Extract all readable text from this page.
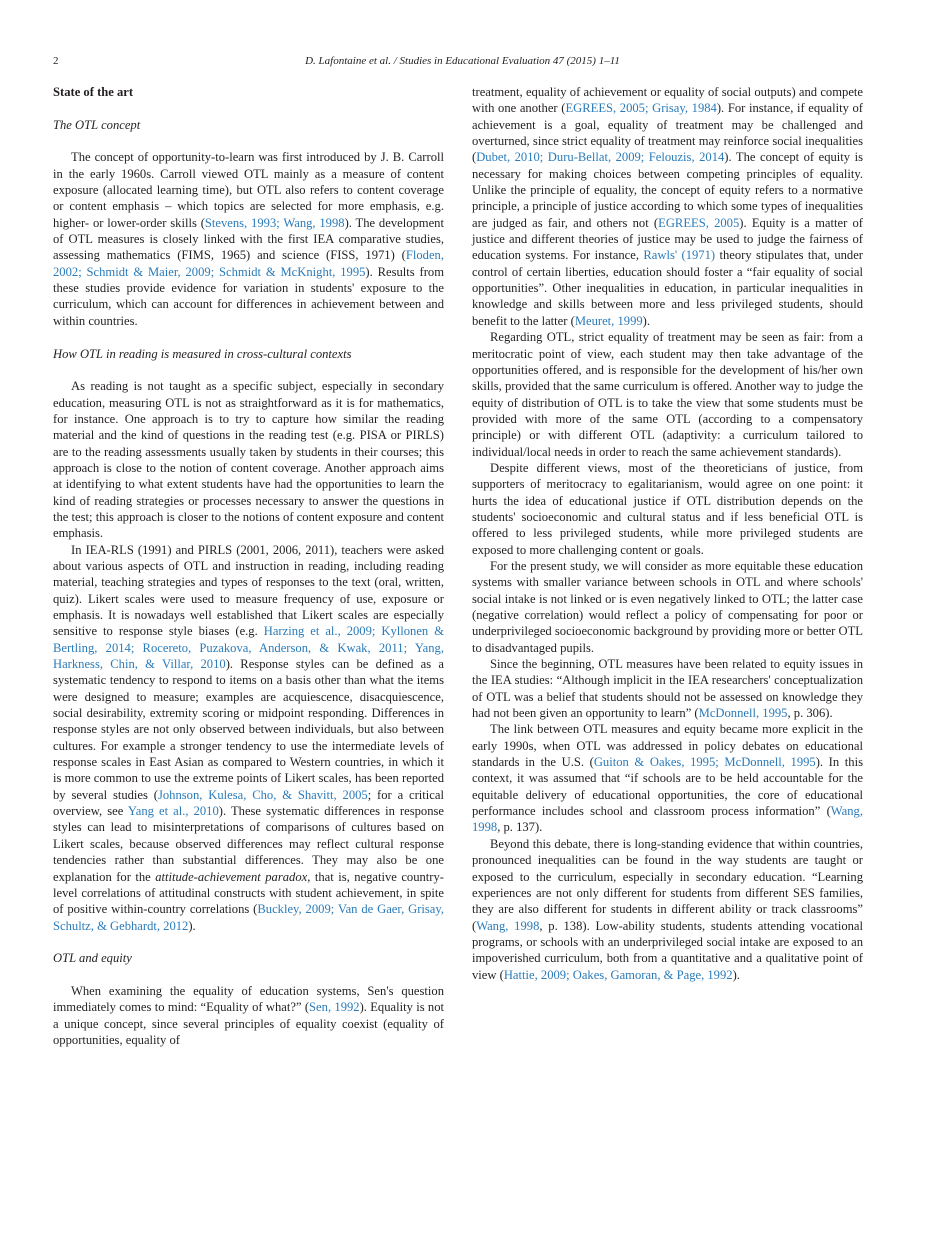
2	D. Lafontaine et al. / Studies in Educational Evaluation 47 (2015) 1–11
State of the art
The OTL concept

The concept of opportunity-to-learn was first introduced by J. B. Carroll in the early 1960s. Carroll viewed OTL mainly as a measure of content exposure (allocated learning time), but OTL also refers to content coverage or content emphasis – which topics are selected for more emphasis, e.g. higher- or lower-order skills (Stevens, 1993; Wang, 1998). The development of OTL measures is closely linked with the first IEA comparative studies, assessing mathematics (FIMS, 1965) and science (FISS, 1971) (Floden, 2002; Schmidt & Maier, 2009; Schmidt & McKnight, 1995). Results from these studies provide evidence for variation in students' exposure to the curriculum, which can account for differences in achievement between and within countries.

How OTL in reading is measured in cross-cultural contexts

As reading is not taught as a specific subject, especially in secondary education, measuring OTL is not as straightforward as it is for mathematics, for instance. One approach is to try to capture how similar the reading material and the kind of questions in the reading test (e.g. PISA or PIRLS) are to the reading assessments usually taken by students in their courses; this approach is close to the notion of content coverage. Another approach aims at identifying to what extent students have had the opportunities to learn the kind of reading strategies or processes necessary to answer the questions in the test; this approach is closer to the notions of content exposure and content emphasis.

In IEA-RLS (1991) and PIRLS (2001, 2006, 2011), teachers were asked about various aspects of OTL and instruction in reading, including reading material, teaching strategies and types of responses to the text (oral, written, quiz). Likert scales were used to measure frequency of use, exposure or emphasis. It is nowadays well established that Likert scales are especially sensitive to response style biases (e.g. Harzing et al., 2009; Kyllonen & Bertling, 2014; Rocereto, Puzakova, Anderson, & Kwak, 2011; Yang, Harkness, Chin, & Villar, 2010). Response styles can be defined as a systematic tendency to respond to items on a basis other than what the items were designed to measure; examples are acquiescence, disacquiescence, social desirability, extremity scoring or midpoint responding. Differences in response styles are not only observed between individuals, but also between cultures. For example a stronger tendency to use the intermediate levels of response scales in East Asian as compared to Western countries, in which it is more common to use the extreme points of Likert scales, has been reported by several studies (Johnson, Kulesa, Cho, & Shavitt, 2005; for a critical overview, see Yang et al., 2010). These systematic differences in response styles can lead to misinterpretations of comparisons of cultures based on Likert scales, because observed differences may reflect cultural response tendencies rather than substantial differences. They may also be one explanation for the attitude-achievement paradox, that is, negative country-level correlations of attitudinal constructs with student achievement, in spite of positive within-country correlations (Buckley, 2009; Van de Gaer, Grisay, Schultz, & Gebhardt, 2012).

OTL and equity

When examining the equality of education systems, Sen's question immediately comes to mind: “Equality of what?” (Sen, 1992). Equality is not a unique concept, since several principles of equality coexist (equality of opportunities, equality of

treatment, equality of achievement or equality of social outputs) and compete with one another (EGREES, 2005; Grisay, 1984). For instance, if equality of achievement is a goal, equality of treatment may be challenged and overturned, since strict equality of treatment may reinforce social inequalities (Dubet, 2010; Duru-Bellat, 2009; Felouzis, 2014). The concept of equity is necessary for making choices between competing principles of equality. Unlike the principle of equality, the concept of equity refers to a normative principle, a principle of justice according to which some types of inequalities are judged as fair, and others not (EGREES, 2005). Equity is a matter of justice and different theories of justice may be used to judge the fairness of education systems. For instance, Rawls' (1971) theory stipulates that, under control of certain liberties, education should foster a “fair equality of social opportunities”. Other inequalities in education, in particular inequalities in knowledge and skills between more and less privileged students, should benefit to the latter (Meuret, 1999).

Regarding OTL, strict equality of treatment may be seen as fair: from a meritocratic point of view, each student may then take advantage of the opportunities offered, and is responsible for the development of his/her own skills, provided that the same curriculum is offered. Another way to judge the equity of distribution of OTL is to take the view that some students must be provided with more of the same OTL (according to a compensatory principle) or with different OTL (adaptivity: a curriculum tailored to individual/local needs in order to reach the same achievement standards).

Despite different views, most of the theoreticians of justice, from supporters of meritocracy to egalitarianism, would agree on one point: it hurts the idea of educational justice if OTL distribution depends on the students' socioeconomic and cultural status and if less beneficial OTL is offered to less privileged students, while more privileged students are exposed to more challenging content or goals.

For the present study, we will consider as more equitable these education systems with smaller variance between schools in OTL and where schools' social intake is not linked or is even negatively linked to OTL; the latter case (negative correlation) would reflect a policy of compensating for poor or underprivileged socioeconomic background by providing more or better OTL to disadvantaged pupils.

Since the beginning, OTL measures have been related to equity issues in the IEA studies: “Although implicit in the IEA researchers' conceptualization of OTL was a belief that students should not be assessed on knowledge they had not been given an opportunity to learn” (McDonnell, 1995, p. 306).

The link between OTL measures and equity became more explicit in the early 1990s, when OTL was addressed in policy debates on educational standards in the U.S. (Guiton & Oakes, 1995; McDonnell, 1995). In this context, it was assumed that “if schools are to be held accountable for the equitable delivery of educational opportunities, the core of educational performance includes school and classroom process information” (Wang, 1998, p. 137).

Beyond this debate, there is long-standing evidence that within countries, pronounced inequalities can be found in the way students are taught or exposed to the curriculum, especially in secondary education. “Learning experiences are not only different for students from different SES families, they are also different for students in different ability or track classrooms” (Wang, 1998, p. 138). Low-ability students, students attending vocational programs, or schools with an underprivileged social intake are exposed to an impoverished curriculum, both from a quantitative and a qualitative point of view (Hattie, 2009; Oakes, Gamoran, & Page, 1992).
